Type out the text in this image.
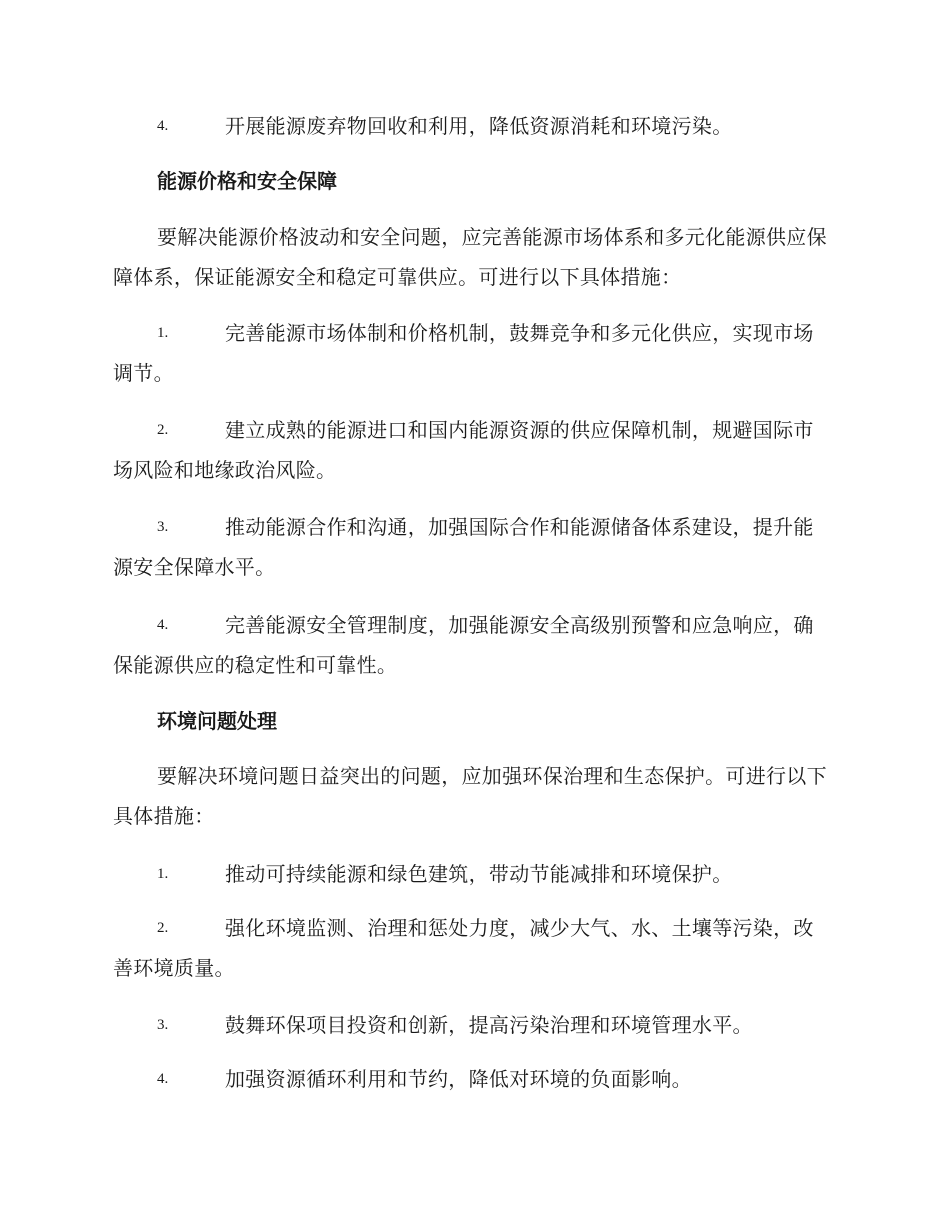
4.	开展能源废弃物回收和利用，降低资源消耗和环境污染。

能源价格和安全保障

要解决能源价格波动和安全问题，应完善能源市场体系和多元化能源供应保障体系，保证能源安全和稳定可靠供应。可进行以下具体措施：

1.	完善能源市场体制和价格机制，鼓舞竞争和多元化供应，实现市场调节。

2.	建立成熟的能源进口和国内能源资源的供应保障机制，规避国际市场风险和地缘政治风险。

3.	推动能源合作和沟通，加强国际合作和能源储备体系建设，提升能源安全保障水平。

4.	完善能源安全管理制度，加强能源安全高级别预警和应急响应，确保能源供应的稳定性和可靠性。

环境问题处理

要解决环境问题日益突出的问题，应加强环保治理和生态保护。可进行以下具体措施：

1.	推动可持续能源和绿色建筑，带动节能减排和环境保护。

2.	强化环境监测、治理和惩处力度，减少大气、水、土壤等污染，改善环境质量。

3.	鼓舞环保项目投资和创新，提高污染治理和环境管理水平。

4.	加强资源循环利用和节约，降低对环境的负面影响。
